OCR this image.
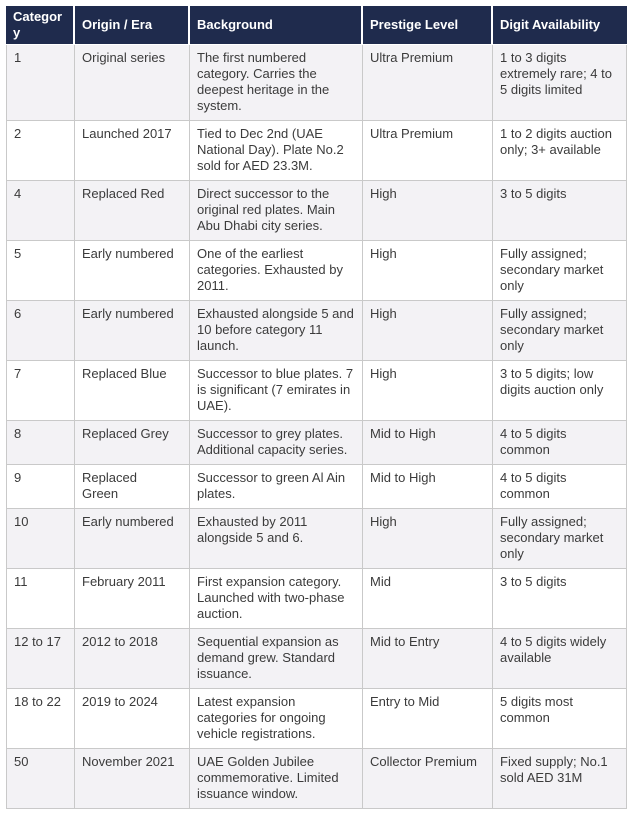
Category	Origin / Era	Background	Prestige Level	Digit Availability
1	Original series	The first numbered category. Carries the deepest heritage in the system.	Ultra Premium	1 to 3 digits extremely rare; 4 to 5 digits limited
2	Launched 2017	Tied to Dec 2nd (UAE National Day). Plate No.2 sold for AED 23.3M.	Ultra Premium	1 to 2 digits auction only; 3+ available
4	Replaced Red	Direct successor to the original red plates. Main Abu Dhabi city series.	High	3 to 5 digits
5	Early numbered	One of the earliest categories. Exhausted by 2011.	High	Fully assigned; secondary market only
6	Early numbered	Exhausted alongside 5 and 10 before category 11 launch.	High	Fully assigned; secondary market only
7	Replaced Blue	Successor to blue plates. 7 is significant (7 emirates in UAE).	High	3 to 5 digits; low digits auction only
8	Replaced Grey	Successor to grey plates. Additional capacity series.	Mid to High	4 to 5 digits common
9	Replaced Green	Successor to green Al Ain plates.	Mid to High	4 to 5 digits common
10	Early numbered	Exhausted by 2011 alongside 5 and 6.	High	Fully assigned; secondary market only
11	February 2011	First expansion category. Launched with two-phase auction.	Mid	3 to 5 digits
12 to 17	2012 to 2018	Sequential expansion as demand grew. Standard issuance.	Mid to Entry	4 to 5 digits widely available
18 to 22	2019 to 2024	Latest expansion categories for ongoing vehicle registrations.	Entry to Mid	5 digits most common
50	November 2021	UAE Golden Jubilee commemorative. Limited issuance window.	Collector Premium	Fixed supply; No.1 sold AED 31M
